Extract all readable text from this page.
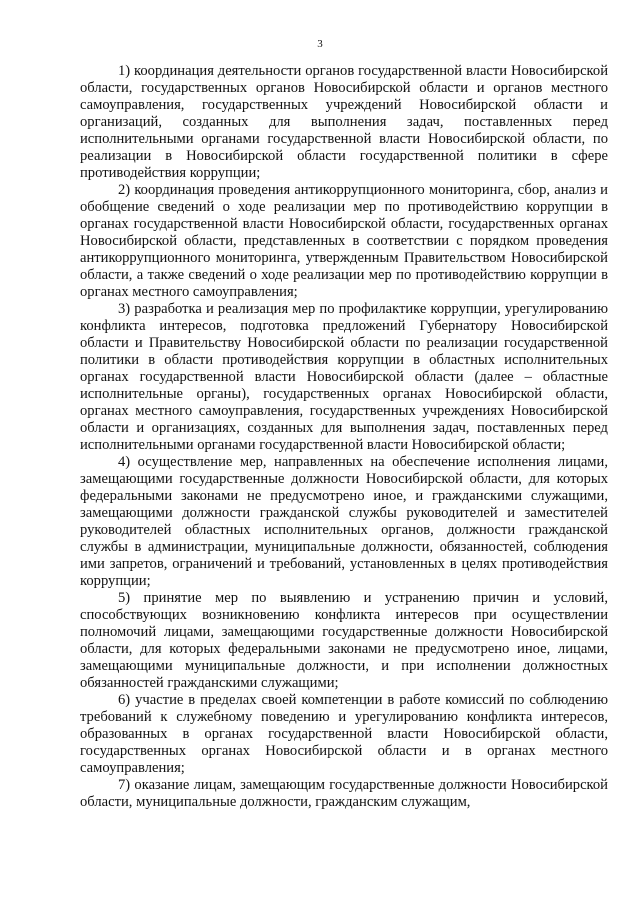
3

1) координация деятельности органов государственной власти Новосибирской области, государственных органов Новосибирской области и органов местного самоуправления, государственных учреждений Новосибирской области и организаций, созданных для выполнения задач, поставленных перед исполнительными органами государственной власти Новосибирской области, по реализации в Новосибирской области государственной политики в сфере противодействия коррупции;

2) координация проведения антикоррупционного мониторинга, сбор, анализ и обобщение сведений о ходе реализации мер по противодействию коррупции в органах государственной власти Новосибирской области, государственных органах Новосибирской области, представленных в соответствии с порядком проведения антикоррупционного мониторинга, утвержденным Правительством Новосибирской области, а также сведений о ходе реализации мер по противодействию коррупции в органах местного самоуправления;

3) разработка и реализация мер по профилактике коррупции, урегулированию конфликта интересов, подготовка предложений Губернатору Новосибирской области и Правительству Новосибирской области по реализации государственной политики в области противодействия коррупции в областных исполнительных органах государственной власти Новосибирской области (далее – областные исполнительные органы), государственных органах Новосибирской области, органах местного самоуправления, государственных учреждениях Новосибирской области и организациях, созданных для выполнения задач, поставленных перед исполнительными органами государственной власти Новосибирской области;

4) осуществление мер, направленных на обеспечение исполнения лицами, замещающими государственные должности Новосибирской области, для которых федеральными законами не предусмотрено иное, и гражданскими служащими, замещающими должности гражданской службы руководителей и заместителей руководителей областных исполнительных органов, должности гражданской службы в администрации, муниципальные должности, обязанностей, соблюдения ими запретов, ограничений и требований, установленных в целях противодействия коррупции;

5) принятие мер по выявлению и устранению причин и условий, способствующих возникновению конфликта интересов при осуществлении полномочий лицами, замещающими государственные должности Новосибирской области, для которых федеральными законами не предусмотрено иное, лицами, замещающими муниципальные должности, и при исполнении должностных обязанностей гражданскими служащими;

6) участие в пределах своей компетенции в работе комиссий по соблюдению требований к служебному поведению и урегулированию конфликта интересов, образованных в органах государственной власти Новосибирской области, государственных органах Новосибирской области и в органах местного самоуправления;

7) оказание лицам, замещающим государственные должности Новосибирской области, муниципальные должности, гражданским служащим,
